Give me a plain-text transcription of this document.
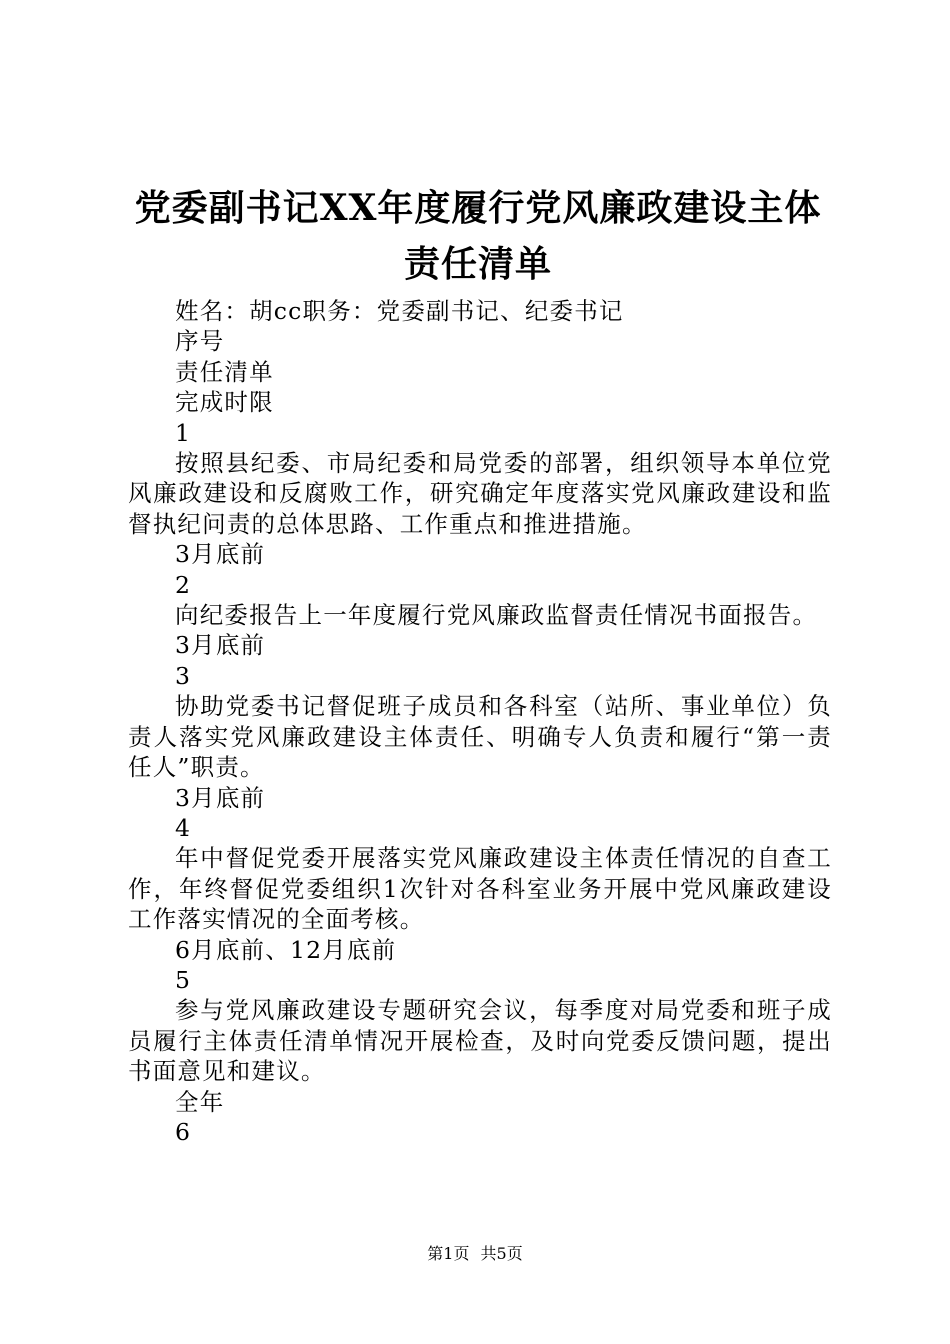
党委副书记XX年度履行党风廉政建设主体责任清单

姓名：胡cc职务：党委副书记、纪委书记

序号

责任清单

完成时限

1

按照县纪委、市局纪委和局党委的部署，组织领导本单位党风廉政建设和反腐败工作，研究确定年度落实党风廉政建设和监督执纪问责的总体思路、工作重点和推进措施。

3月底前

2

向纪委报告上一年度履行党风廉政监督责任情况书面报告。

3月底前

3

协助党委书记督促班子成员和各科室（站所、事业单位）负责人落实党风廉政建设主体责任、明确专人负责和履行“第一责任人”职责。

3月底前

4

年中督促党委开展落实党风廉政建设主体责任情况的自查工作，年终督促党委组织1次针对各科室业务开展中党风廉政建设工作落实情况的全面考核。

6月底前、12月底前

5

参与党风廉政建设专题研究会议，每季度对局党委和班子成员履行主体责任清单情况开展检查，及时向党委反馈问题，提出书面意见和建议。

全年

6

第1页 共5页
